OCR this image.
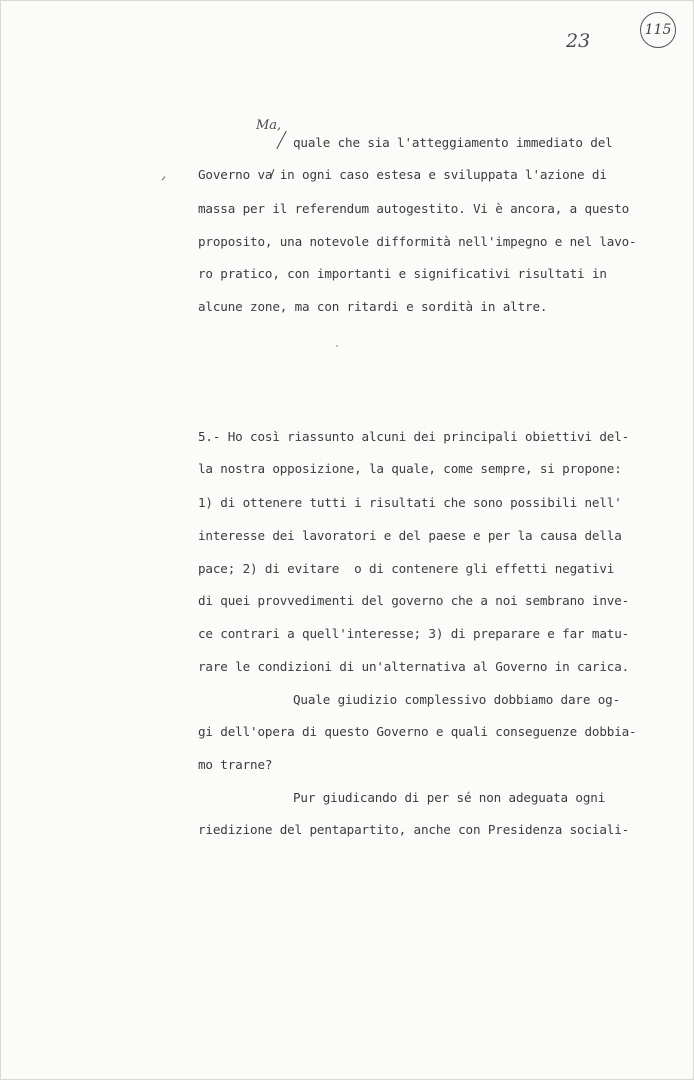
23	115
Ma,
quale che sia l'atteggiamento immediato del
Governo va in ogni caso estesa e sviluppata l'azione di
massa per il referendum autogestito. Vi è ancora, a questo
proposito, una notevole difformità nell'impegno e nel lavo-
ro pratico, con importanti e significativi risultati in
alcune zone, ma con ritardi e sordità in altre.
5.- Ho così riassunto alcuni dei principali obiettivi del-
la nostra opposizione, la quale, come sempre, si propone:
1) di ottenere tutti i risultati che sono possibili nell'
interesse dei lavoratori e del paese e per la causa della
pace; 2) di evitare  o di contenere gli effetti negativi
di quei provvedimenti del governo che a noi sembrano inve-
ce contrari a quell'interesse; 3) di preparare e far matu-
rare le condizioni di un'alternativa al Governo in carica.
Quale giudizio complessivo dobbiamo dare og-
gi dell'opera di questo Governo e quali conseguenze dobbia-
mo trarne?
Pur giudicando di per sé non adeguata ogni
riedizione del pentapartito, anche con Presidenza sociali-
